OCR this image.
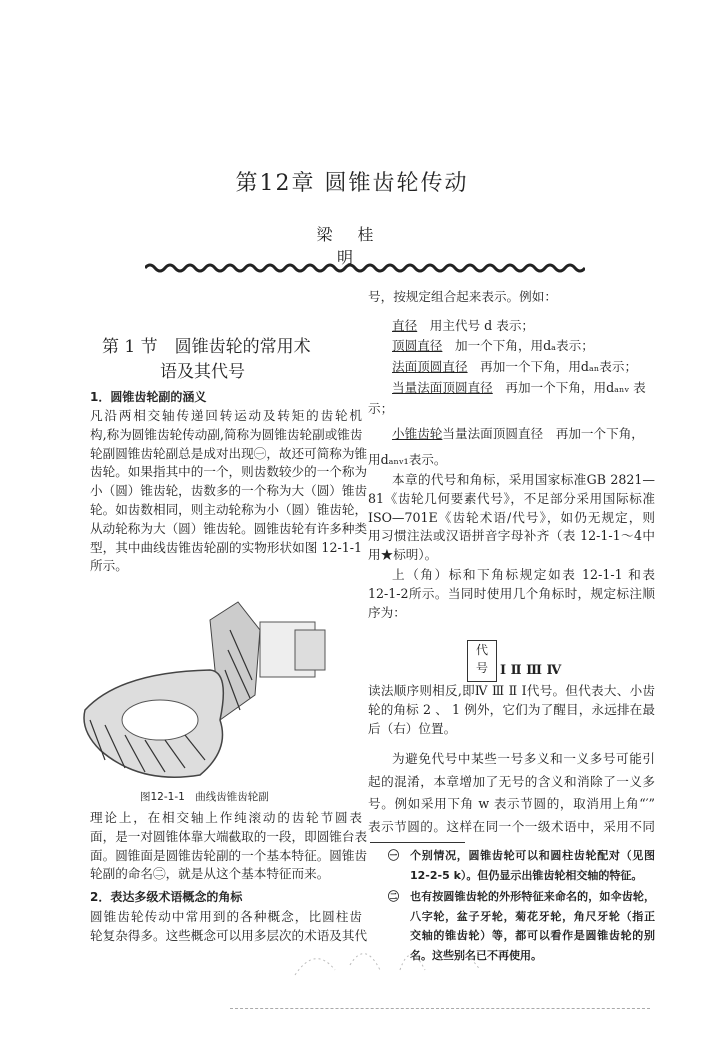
第12章 圆锥齿轮传动
梁 桂 明
第 1 节　圆锥齿轮的常用术
语及其代号
1．圆锥齿轮副的涵义
凡沿两相交轴传递回转运动及转矩的齿轮机
构,称为圆锥齿轮传动副,简称为圆锥齿轮副或锥齿
轮副圆锥齿轮副总是成对出现㊀，故还可简称为锥
齿轮。如果指其中的一个，则齿数较少的一个称为
小（圆）锥齿轮，齿数多的一个称为大（圆）锥齿
轮。如齿数相同，则主动轮称为小（圆）锥齿轮，
从动轮称为大（圆）锥齿轮。圆锥齿轮有许多种类
型，其中曲线齿锥齿轮副的实物形状如图 12-1-1
所示。
图12-1-1　曲线齿锥齿轮副
理论上，在相交轴上作纯滚动的齿轮节圆表
面，是一对圆锥体靠大端截取的一段，即圆锥台表
面。圆锥面是圆锥齿轮副的一个基本特征。圆锥齿
轮副的命名㊁，就是从这个基本特征而来。
2．表达多级术语概念的角标
圆锥齿轮传动中常用到的各种概念，比圆柱齿
轮复杂得多。这些概念可以用多层次的术语及其代
号，按规定组合起来表示。例如：
直径　用主代号 d 表示；
顶圆直径　加一个下角，用dₐ表示；
法面顶圆直径　再加一个下角，用dₐₙ表示；
当量法面顶圆直径　再加一个下角，用dₐₙᵥ 表
示；
小锥齿轮当量法面顶圆直径　再加一个下角，
用dₐₙᵥ₁表示。
本章的代号和角标，采用国家标准GB 2821—
81《齿轮几何要素代号》，不足部分采用国际标准
ISO—701E《齿轮术语/代号》，如仍无规定，则
用习惯注法或汉语拼音字母补齐（表 12-1-1～4中
用★标明）。
上（角）标和下角标规定如表 12-1-1 和表
12-1-2所示。当同时使用几个角标时，规定标注顺
序为：
读法顺序则相反,即Ⅳ Ⅲ Ⅱ Ⅰ代号。但代表大、小齿
轮的角标 2 、 1 例外，它们为了醒目，永远排在最
后（右）位置。
为避免代号中某些一号多义和一义多号可能引
起的混淆，本章增加了无号的含义和消除了一义多
号。例如采用下角 w 表示节圆的，取消用上角“′”
表示节圆的。这样在同一个一级术语中，采用不同
代
号 Ⅰ Ⅱ Ⅲ Ⅳ
㊀ 个别情况，圆锥齿轮可以和圆柱齿轮配对（见图
12-2-5 k）。但仍显示出锥齿轮相交轴的特征。
㊁ 也有按圆锥齿轮的外形特征来命名的，如伞齿轮，
八字轮，盆子牙轮，菊花牙轮，角尺牙轮（指正
交轴的锥齿轮）等，都可以看作是圆锥齿轮的别
名。这些别名已不再使用。
